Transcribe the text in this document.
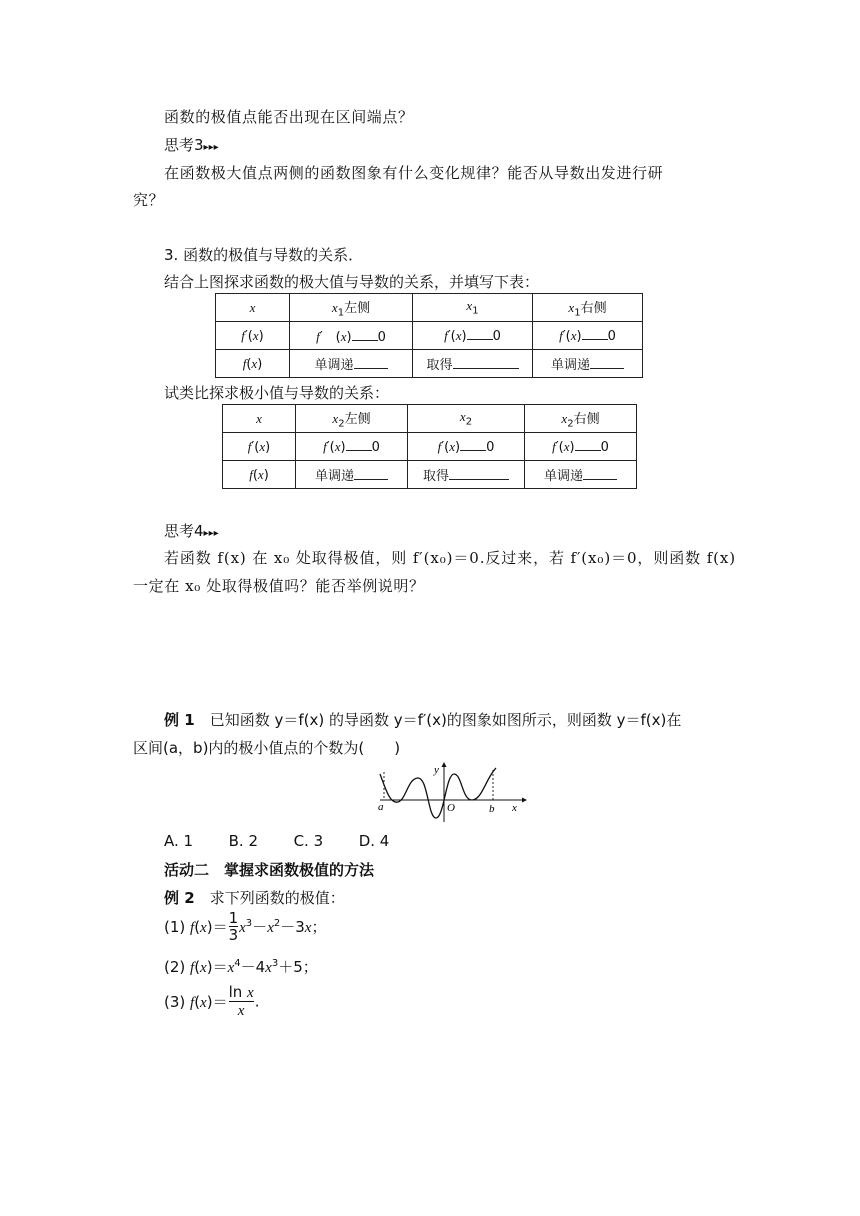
函数的极值点能否出现在区间端点？
思考3▸▸▸
在函数极大值点两侧的函数图象有什么变化规律？能否从导数出发进行研
究？
3. 函数的极值与导数的关系．
结合上图探求函数的极大值与导数的关系，并填写下表：
x	$x_1$左侧	$x_1$	$x_1$右侧
f′(x)	f′　(x) 0	f′(x) 0	f′(x) 0
f(x)	单调递	取得	单调递
试类比探求极小值与导数的关系：
x	$x_2$左侧	$x_2$	$x_2$右侧
f′(x)	f′(x) 0	f′(x) 0	f′(x) 0
f(x)	单调递	取得	单调递
思考4▸▸▸
若函数 f(x) 在 x₀ 处取得极值，则 f′(x₀)＝0.反过来，若 f′(x₀)＝0，则函数 f(x)
一定在 x₀ 处取得极值吗？能否举例说明？
例 1　 已知函数 y＝f(x) 的导函数 y＝f′(x)的图象如图所示，则函数 y＝f(x)在
区间(a，b)内的极小值点的个数为(　　)
a	O	b x
y
A. 1 B. 2 C. 3 D. 4
活动二　掌握求函数极值的方法
例 2　 求下列函数的极值：
(1) $f(x)= \frac{1}{3} x^3-x^2-3x$；
(2) $f(x)=x^4-4x^3+5$；
(3) $f(x)= \frac{\text{ln x}}{x}$ .
